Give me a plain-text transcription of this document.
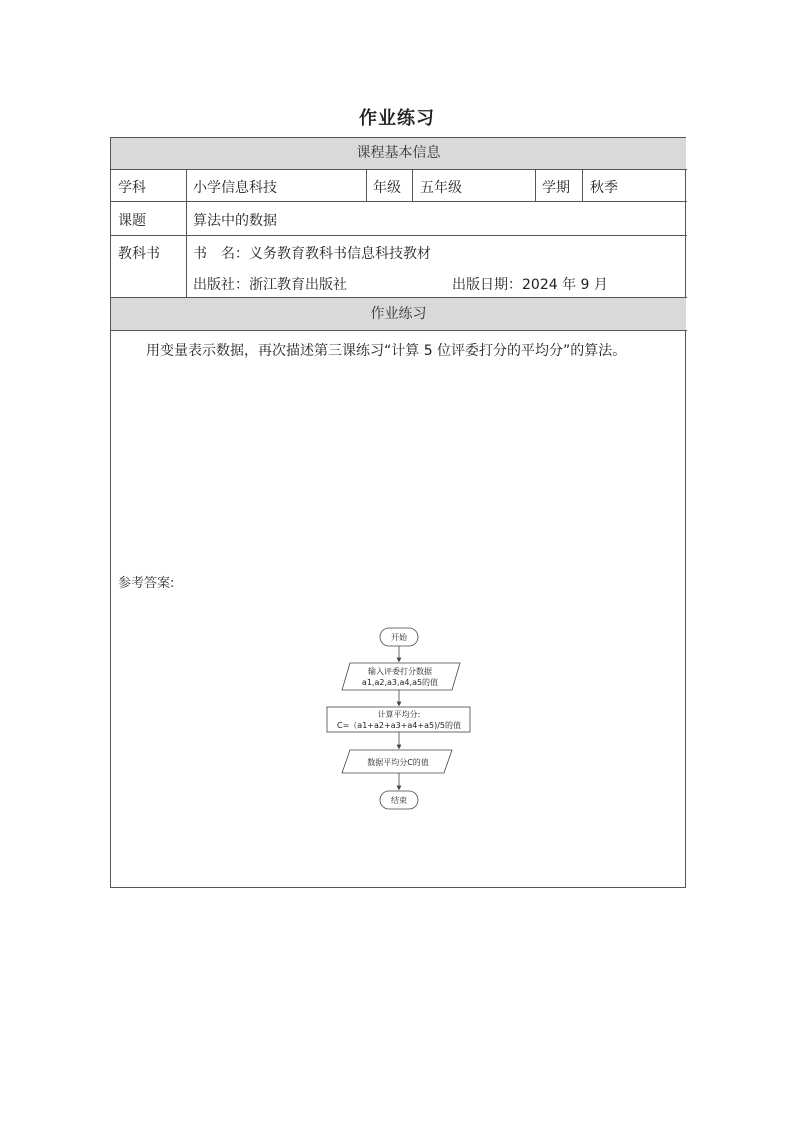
作业练习
课程基本信息
学科	小学信息科技	年级 五年级	学期 秋季
课题	算法中的数据
教科书 书　名：义务教育教科书信息科技教材
出版社：浙江教育出版社	出版日期：2024 年 9 月
作业练习
用变量表示数据，再次描述第三课练习“计算 5 位评委打分的平均分”的算法。
参考答案:
开始
输入评委打分数据
a1,a2,a3,a4,a5的值
计算平均分:
C=（a1+a2+a3+a4+a5)/5的值
数据平均分C的值
结束
